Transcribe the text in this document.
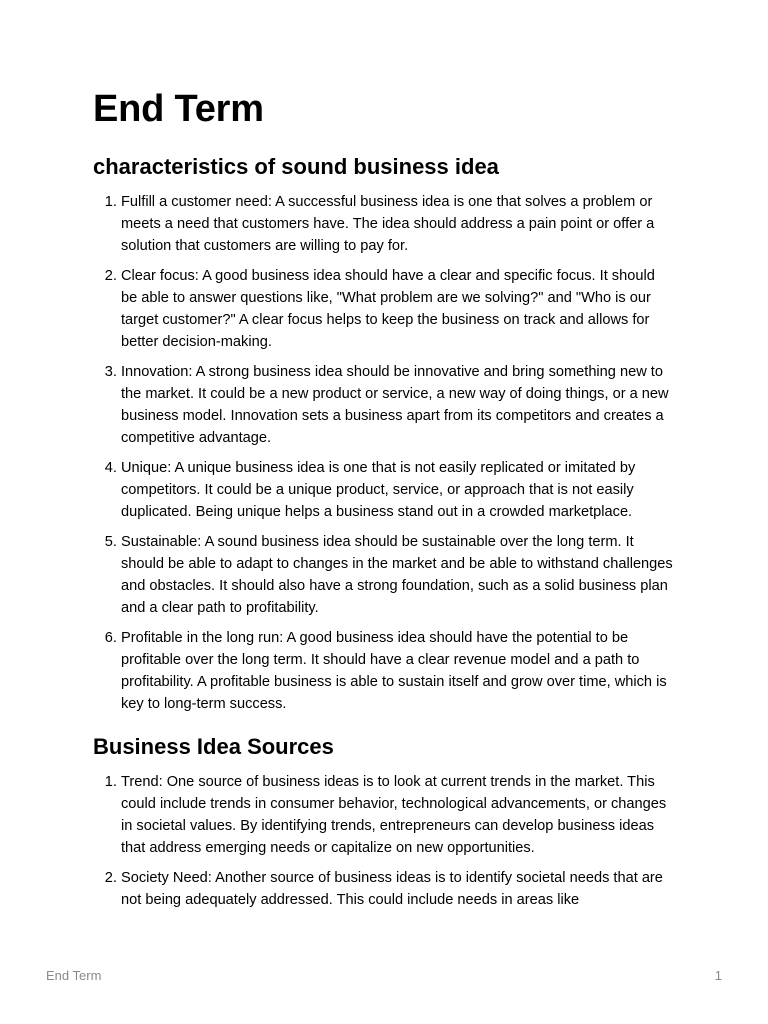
End Term
characteristics of sound business idea
1. Fulfill a customer need: A successful business idea is one that solves a problem or meets a need that customers have. The idea should address a pain point or offer a solution that customers are willing to pay for.
2. Clear focus: A good business idea should have a clear and specific focus. It should be able to answer questions like, "What problem are we solving?" and "Who is our target customer?" A clear focus helps to keep the business on track and allows for better decision-making.
3. Innovation: A strong business idea should be innovative and bring something new to the market. It could be a new product or service, a new way of doing things, or a new business model. Innovation sets a business apart from its competitors and creates a competitive advantage.
4. Unique: A unique business idea is one that is not easily replicated or imitated by competitors. It could be a unique product, service, or approach that is not easily duplicated. Being unique helps a business stand out in a crowded marketplace.
5. Sustainable: A sound business idea should be sustainable over the long term. It should be able to adapt to changes in the market and be able to withstand challenges and obstacles. It should also have a strong foundation, such as a solid business plan and a clear path to profitability.
6. Profitable in the long run: A good business idea should have the potential to be profitable over the long term. It should have a clear revenue model and a path to profitability. A profitable business is able to sustain itself and grow over time, which is key to long-term success.
Business Idea Sources
1. Trend: One source of business ideas is to look at current trends in the market. This could include trends in consumer behavior, technological advancements, or changes in societal values. By identifying trends, entrepreneurs can develop business ideas that address emerging needs or capitalize on new opportunities.
2. Society Need: Another source of business ideas is to identify societal needs that are not being adequately addressed. This could include needs in areas like
End Term	1
